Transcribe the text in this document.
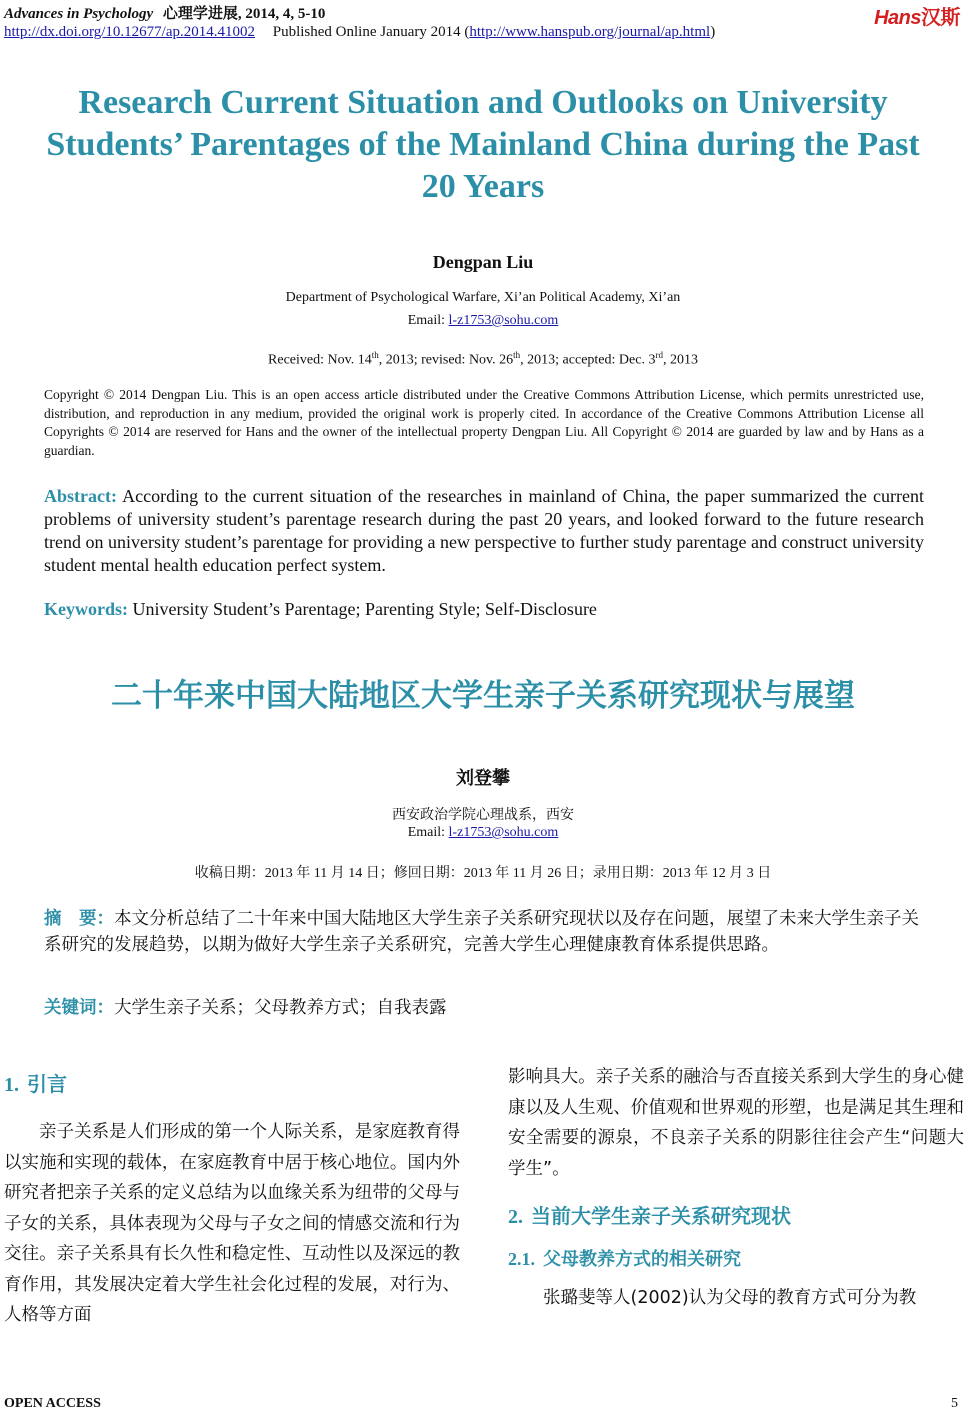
Advances in Psychology 心理学进展, 2014, 4, 5-10
http://dx.doi.org/10.12677/ap.2014.41002 Published Online January 2014 (http://www.hanspub.org/journal/ap.html)
Hans汉斯
Research Current Situation and Outlooks on University Students’ Parentages of the Mainland China during the Past 20 Years
Dengpan Liu
Department of Psychological Warfare, Xi’an Political Academy, Xi’an
Email: l-z1753@sohu.com
Received: Nov. 14th, 2013; revised: Nov. 26th, 2013; accepted: Dec. 3rd, 2013
Copyright © 2014 Dengpan Liu. This is an open access article distributed under the Creative Commons Attribution License, which permits unrestricted use, distribution, and reproduction in any medium, provided the original work is properly cited. In accordance of the Creative Commons Attribution License all Copyrights © 2014 are reserved for Hans and the owner of the intellectual property Dengpan Liu. All Copyright © 2014 are guarded by law and by Hans as a guardian.
Abstract: According to the current situation of the researches in mainland of China, the paper summarized the current problems of university student’s parentage research during the past 20 years, and looked forward to the future research trend on university student’s parentage for providing a new perspective to further study parentage and construct university student mental health education perfect system.
Keywords: University Student’s Parentage; Parenting Style; Self-Disclosure
二十年来中国大陆地区大学生亲子关系研究现状与展望
刘登攀
西安政治学院心理战系，西安
Email: l-z1753@sohu.com
收稿日期：2013 年 11 月 14 日；修回日期：2013 年 11 月 26 日；录用日期：2013 年 12 月 3 日
摘　要：本文分析总结了二十年来中国大陆地区大学生亲子关系研究现状以及存在问题，展望了未来大学生亲子关系研究的发展趋势，以期为做好大学生亲子关系研究，完善大学生心理健康教育体系提供思路。
关键词：大学生亲子关系；父母教养方式；自我表露
1. 引言

亲子关系是人们形成的第一个人际关系，是家庭教育得以实施和实现的载体，在家庭教育中居于核心地位。国内外研究者把亲子关系的定义总结为以血缘关系为纽带的父母与子女的关系，具体表现为父母与子女之间的情感交流和行为交往。亲子关系具有长久性和稳定性、互动性以及深远的教育作用，其发展决定着大学生社会化过程的发展，对行为、人格等方面

影响具大。亲子关系的融洽与否直接关系到大学生的身心健康以及人生观、价值观和世界观的形塑，也是满足其生理和安全需要的源泉，不良亲子关系的阴影往往会产生“问题大学生”。

2. 当前大学生亲子关系研究现状
2.1. 父母教养方式的相关研究

张璐斐等人(2002)认为父母的教育方式可分为教

OPEN ACCESS	5
